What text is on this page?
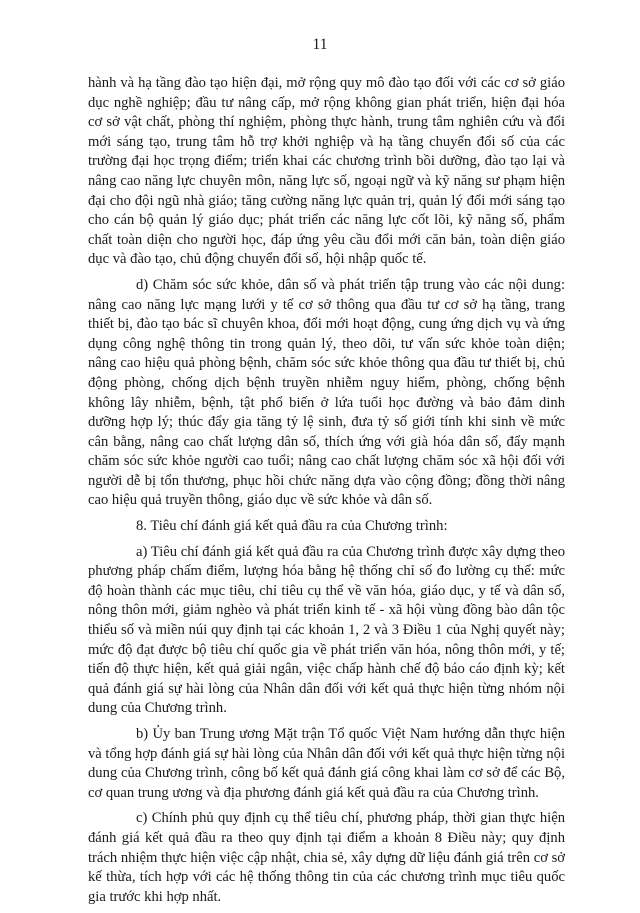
11

hành và hạ tầng đào tạo hiện đại, mở rộng quy mô đào tạo đối với các cơ sở giáo dục nghề nghiệp; đầu tư nâng cấp, mở rộng không gian phát triển, hiện đại hóa cơ sở vật chất, phòng thí nghiệm, phòng thực hành, trung tâm nghiên cứu và đổi mới sáng tạo, trung tâm hỗ trợ khởi nghiệp và hạ tầng chuyển đổi số của các trường đại học trọng điểm; triển khai các chương trình bồi dưỡng, đào tạo lại và nâng cao năng lực chuyên môn, năng lực số, ngoại ngữ và kỹ năng sư phạm hiện đại cho đội ngũ nhà giáo; tăng cường năng lực quản trị, quản lý đổi mới sáng tạo cho cán bộ quản lý giáo dục; phát triển các năng lực cốt lõi, kỹ năng số, phẩm chất toàn diện cho người học, đáp ứng yêu cầu đổi mới căn bản, toàn diện giáo dục và đào tạo, chủ động chuyển đổi số, hội nhập quốc tế.

d) Chăm sóc sức khỏe, dân số và phát triển tập trung vào các nội dung: nâng cao năng lực mạng lưới y tế cơ sở thông qua đầu tư cơ sở hạ tầng, trang thiết bị, đào tạo bác sĩ chuyên khoa, đổi mới hoạt động, cung ứng dịch vụ và ứng dụng công nghệ thông tin trong quản lý, theo dõi, tư vấn sức khỏe toàn diện; nâng cao hiệu quả phòng bệnh, chăm sóc sức khỏe thông qua đầu tư thiết bị, chủ động phòng, chống dịch bệnh truyền nhiễm nguy hiểm, phòng, chống bệnh không lây nhiễm, bệnh, tật phổ biến ở lứa tuổi học đường và bảo đảm dinh dưỡng hợp lý; thúc đẩy gia tăng tỷ lệ sinh, đưa tỷ số giới tính khi sinh về mức cân bằng, nâng cao chất lượng dân số, thích ứng với già hóa dân số, đẩy mạnh chăm sóc sức khỏe người cao tuổi; nâng cao chất lượng chăm sóc xã hội đối với người dễ bị tổn thương, phục hồi chức năng dựa vào cộng đồng; đồng thời nâng cao hiệu quả truyền thông, giáo dục về sức khỏe và dân số.

8. Tiêu chí đánh giá kết quả đầu ra của Chương trình:

a) Tiêu chí đánh giá kết quả đầu ra của Chương trình được xây dựng theo phương pháp chấm điểm, lượng hóa bằng hệ thống chỉ số đo lường cụ thể: mức độ hoàn thành các mục tiêu, chỉ tiêu cụ thể về văn hóa, giáo dục, y tế và dân số, nông thôn mới, giảm nghèo và phát triển kinh tế - xã hội vùng đồng bào dân tộc thiểu số và miền núi quy định tại các khoản 1, 2 và 3 Điều 1 của Nghị quyết này; mức độ đạt được bộ tiêu chí quốc gia về phát triển văn hóa, nông thôn mới, y tế; tiến độ thực hiện, kết quả giải ngân, việc chấp hành chế độ báo cáo định kỳ; kết quả đánh giá sự hài lòng của Nhân dân đối với kết quả thực hiện từng nhóm nội dung của Chương trình.

b) Ủy ban Trung ương Mặt trận Tổ quốc Việt Nam hướng dẫn thực hiện và tổng hợp đánh giá sự hài lòng của Nhân dân đối với kết quả thực hiện từng nội dung của Chương trình, công bố kết quả đánh giá công khai làm cơ sở để các Bộ, cơ quan trung ương và địa phương đánh giá kết quả đầu ra của Chương trình.

c) Chính phủ quy định cụ thể tiêu chí, phương pháp, thời gian thực hiện đánh giá kết quả đầu ra theo quy định tại điểm a khoản 8 Điều này; quy định trách nhiệm thực hiện việc cập nhật, chia sẻ, xây dựng dữ liệu đánh giá trên cơ sở kế thừa, tích hợp với các hệ thống thông tin của các chương trình mục tiêu quốc gia trước khi hợp nhất.
